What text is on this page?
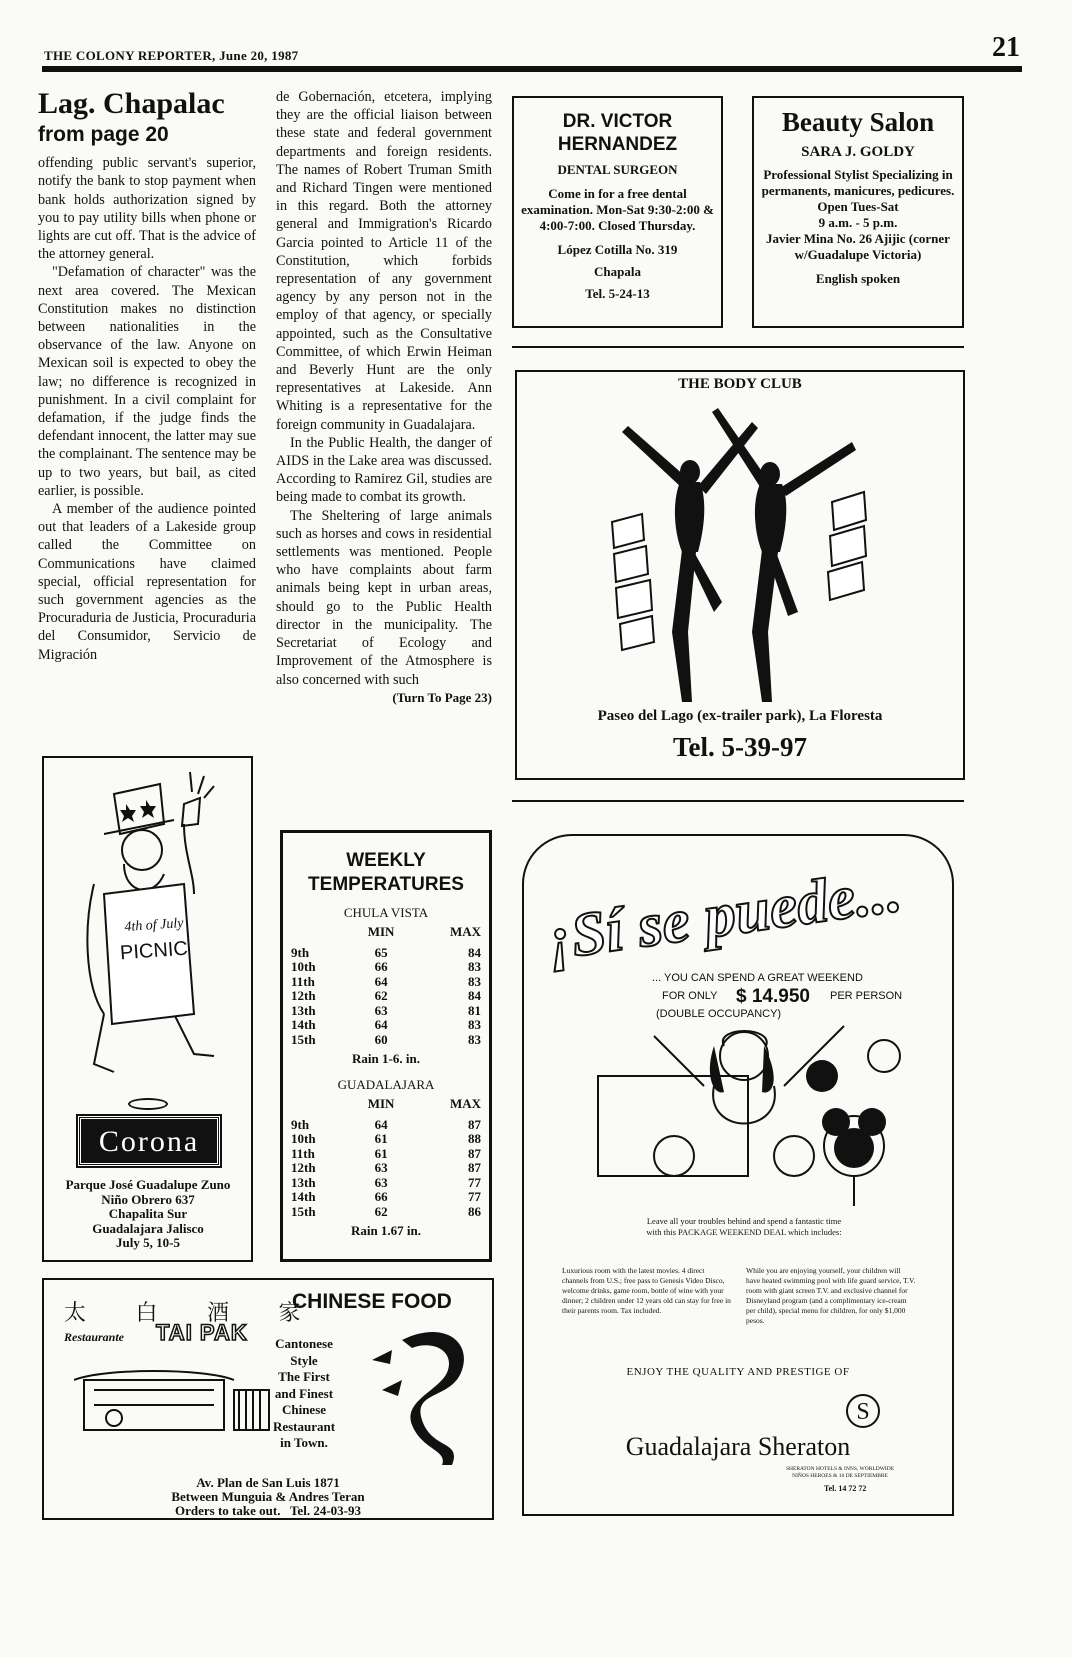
THE COLONY REPORTER, June 20, 1987	21
Lag. Chapalac
from page 20

offending public servant's superior, notify the bank to stop payment when bank holds authorization signed by you to pay utility bills when phone or lights are cut off. That is the advice of the attorney general.

"Defamation of character" was the next area covered. The Mexican Constitution makes no distinction between nationalities in the observance of the law. Anyone on Mexican soil is expected to obey the law; no difference is recognized in punishment. In a civil complaint for defamation, if the judge finds the defendant innocent, the latter may sue the complainant. The sentence may be up to two years, but bail, as cited earlier, is possible.

A member of the audience pointed out that leaders of a Lakeside group called the Committee on Communications have claimed special, official representation for such government agencies as the Procuraduria de Justicia, Procuraduria del Consumidor, Servicio de Migración

de Gobernación, etcetera, implying they are the official liaison between these state and federal government departments and foreign residents. The names of Robert Truman Smith and Richard Tingen were mentioned in this regard. Both the attorney general and Immigration's Ricardo Garcia pointed to Article 11 of the Constitution, which forbids representation of any government agency by any person not in the employ of that agency, or specially appointed, such as the Consultative Committee, of which Erwin Heiman and Beverly Hunt are the only representatives at Lakeside. Ann Whiting is a representative for the foreign community in Guadalajara.

In the Public Health, the danger of AIDS in the Lake area was discussed. According to Ramirez Gil, studies are being made to combat its growth.

The Sheltering of large animals such as horses and cows in residential settlements was mentioned. People who have complaints about farm animals being kept in urban areas, should go to the Public Health director in the municipality. The Secretariat of Ecology and Improvement of the Atmosphere is also concerned with such

(Turn To Page 23)
DR. VICTOR HERNANDEZ
DENTAL SURGEON
Come in for a free dental examination. Mon-Sat 9:30-2:00 & 4:00-7:00. Closed Thursday.
López Cotilla No. 319
Chapala
Tel. 5-24-13
Beauty Salon
SARA J. GOLDY
Professional Stylist Specializing in permanents, manicures, pedicures.
Open Tues-Sat
9 a.m. - 5 p.m.
Javier Mina No. 26 Ajijic (corner w/Guadalupe Victoria)
English spoken
THE BODY CLUB
Paseo del Lago (ex-trailer park), La Floresta
Tel. 5-39-97
4th of July
PICNIC
Corona
Parque José Guadalupe Zuno
Niño Obrero 637
Chapalita Sur
Guadalajara Jalisco
July 5, 10-5
WEEKLY
TEMPERATURES
CHULA VISTA
	MIN	MAX
9th	65	84
10th	66	83
11th	64	83
12th	62	84
13th	63	81
14th	64	83
15th	60	83
Rain 1-6. in.
GUADALAJARA
	MIN	MAX
9th	64	87
10th	61	88
11th	61	87
12th	63	87
13th	63	77
14th	66	77
15th	62	86
Rain 1.67 in.
¡Sí se puede...
... YOU CAN SPEND A GREAT WEEKEND
FOR ONLY $ 14.950 PER PERSON
(DOUBLE OCCUPANCY)
Leave all your troubles behind and spend a fantastic time with this PACKAGE WEEKEND DEAL which includes:
Luxurious room with the latest movies. 4 direct channels from U.S.; free pass to Genesis Video Disco, welcome drinks, game room, bottle of wine with your dinner; 2 children under 12 years old can stay for free in their parents room. Tax included.
While you are enjoying yourself, your children will have heated swimming pool with life guard service, T.V. room with giant screen T.V. and exclusive channel for Disneyland program (and a complimentary ice-cream per child), special menu for children, for only $1,000 pesos.
ENJOY THE QUALITY AND PRESTIGE OF
S
Guadalajara Sheraton
SHERATON HOTELS & INNS, WORLDWIDE
NIÑOS HEROES & 16 DE SEPTIEMBRE
Tel. 14 72 72
太 白 酒 家
Restaurante TAI PAK
CHINESE FOOD
Cantonese
Style
The First
and Finest
Chinese
Restaurant
in Town.
Av. Plan de San Luis 1871
Between Munguia & Andres Teran
Orders to take out.   Tel. 24-03-93
